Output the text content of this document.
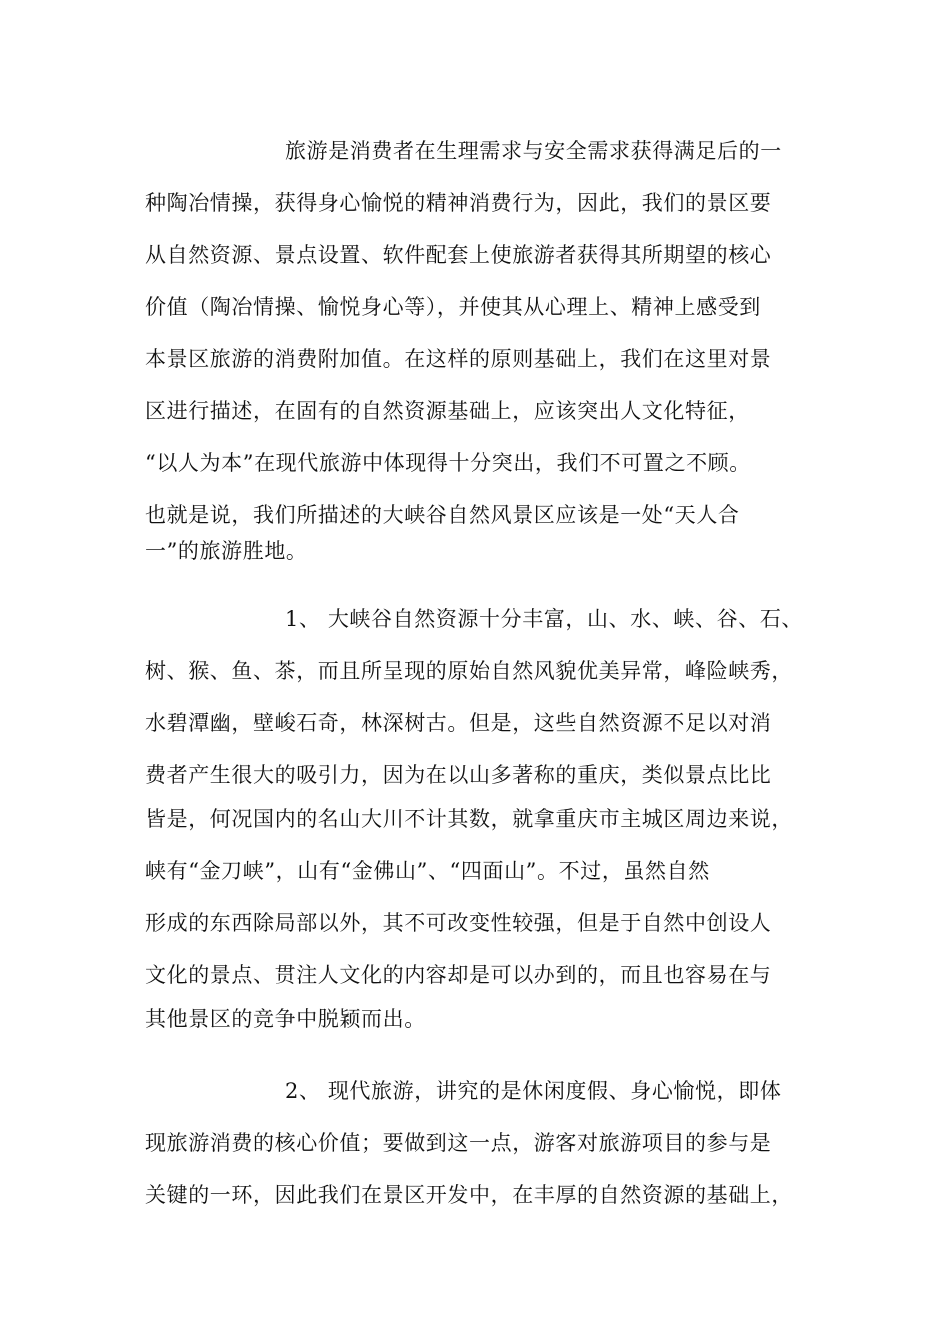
旅游是消费者在生理需求与安全需求获得满足后的一
种陶冶情操，获得身心愉悦的精神消费行为，因此，我们的景区要
从自然资源、景点设置、软件配套上使旅游者获得其所期望的核心
价值（陶冶情操、愉悦身心等），并使其从心理上、精神上感受到
本景区旅游的消费附加值。在这样的原则基础上，我们在这里对景
区进行描述，在固有的自然资源基础上，应该突出人文化特征，
“以人为本”在现代旅游中体现得十分突出，我们不可置之不顾。
也就是说，我们所描述的大峡谷自然风景区应该是一处“天人合
一”的旅游胜地。
1、 大峡谷自然资源十分丰富，山、水、峡、谷、石、
树、猴、鱼、茶，而且所呈现的原始自然风貌优美异常，峰险峡秀，
水碧潭幽，壁峻石奇，林深树古。但是，这些自然资源不足以对消
费者产生很大的吸引力，因为在以山多著称的重庆，类似景点比比
皆是，何况国内的名山大川不计其数，就拿重庆市主城区周边来说，
峡有“金刀峡”，山有“金佛山”、“四面山”。不过，虽然自然
形成的东西除局部以外，其不可改变性较强，但是于自然中创设人
文化的景点、贯注人文化的内容却是可以办到的，而且也容易在与
其他景区的竞争中脱颖而出。
2、 现代旅游，讲究的是休闲度假、身心愉悦，即体
现旅游消费的核心价值；要做到这一点，游客对旅游项目的参与是
关键的一环，因此我们在景区开发中，在丰厚的自然资源的基础上，
